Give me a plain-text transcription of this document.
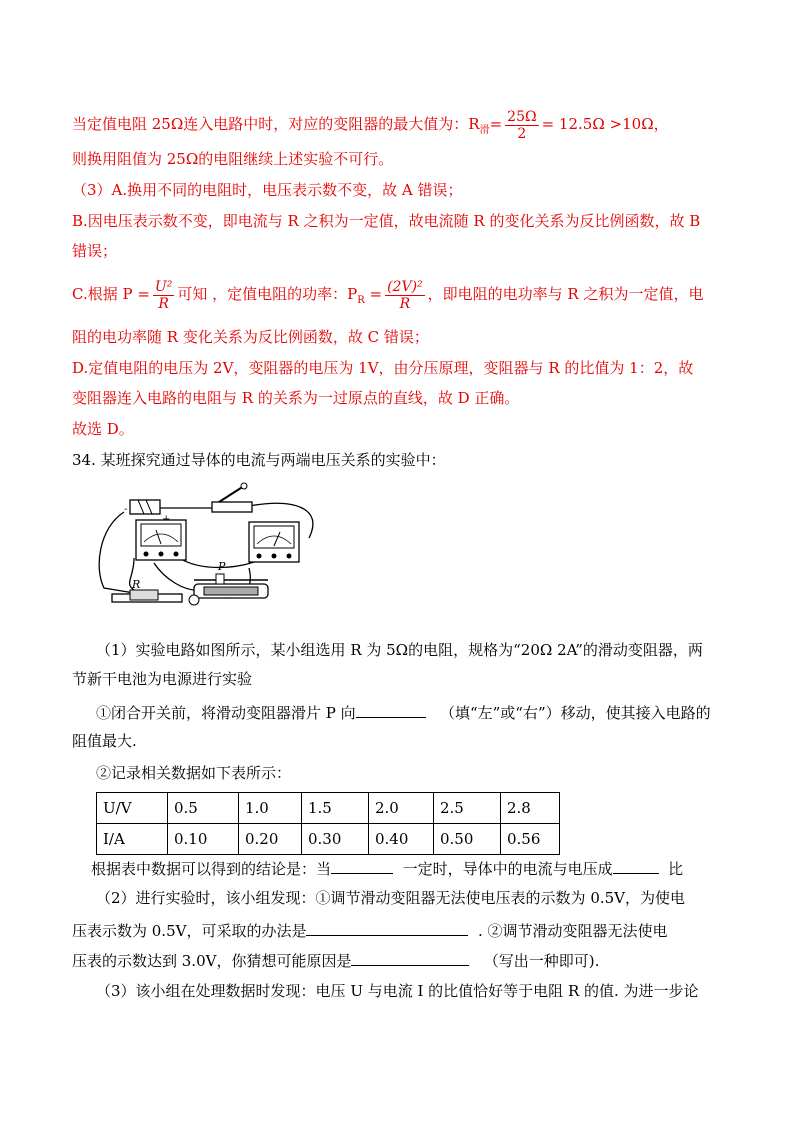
当定值电阻 25Ω连入电路中时，对应的变阻器的最大值为：$R_滑= \frac{25\Omega}{2} = 12.5\Omega >10\Omega$，
则换用阻值为 25Ω的电阻继续上述实验不可行。
（3）A.换用不同的电阻时，电压表示数不变，故 A 错误；
B.因电压表示数不变，即电流与 R 之积为一定值，故电流随 R 的变化关系为反比例函数，故 B
错误；
C.根据 $P = \frac{\text{U²}}{R}$ 可知 ，定值电阻的功率：$P_R = \frac{\text{(2V)²}}{R}$ ，即电阻的电功率与 R 之积为一定值，电
阻的电功率随 R 变化关系为反比例函数，故 C 错误；
D.定值电阻的电压为 2V，变阻器的电压为 1V，由分压原理，变阻器与 R 的比值为 1：2，故
变阻器连入电路的电阻与 R 的关系为一过原点的直线，故 D 正确。
故选 D。
34. 某班探究通过导体的电流与两端电压关系的实验中：
-
R
P
（1）实验电路如图所示，某小组选用 R 为 5Ω的电阻，规格为“20Ω 2A”的滑动变阻器，两
节新干电池为电源进行实验
①闭合开关前，将滑动变阻器滑片 P 向	（填“左”或“右”）移动，使其接入电路的
阻值最大.
②记录相关数据如下表所示：
U/V	0.5	1.0	1.5	2.0	2.5	2.8
I/A	0.10	0.20	0.30	0.40	0.50	0.56
根据表中数据可以得到的结论是：当	一定时，导体中的电流与电压成	比
（2）进行实验时，该小组发现：①调节滑动变阻器无法使电压表的示数为 0.5V，为使电
压表示数为 0.5V，可采取的办法是	. ②调节滑动变阻器无法使电
压表的示数达到 3.0V，你猜想可能原因是	（写出一种即可).
（3）该小组在处理数据时发现：电压 U 与电流 I 的比值恰好等于电阻 R 的值. 为进一步论
